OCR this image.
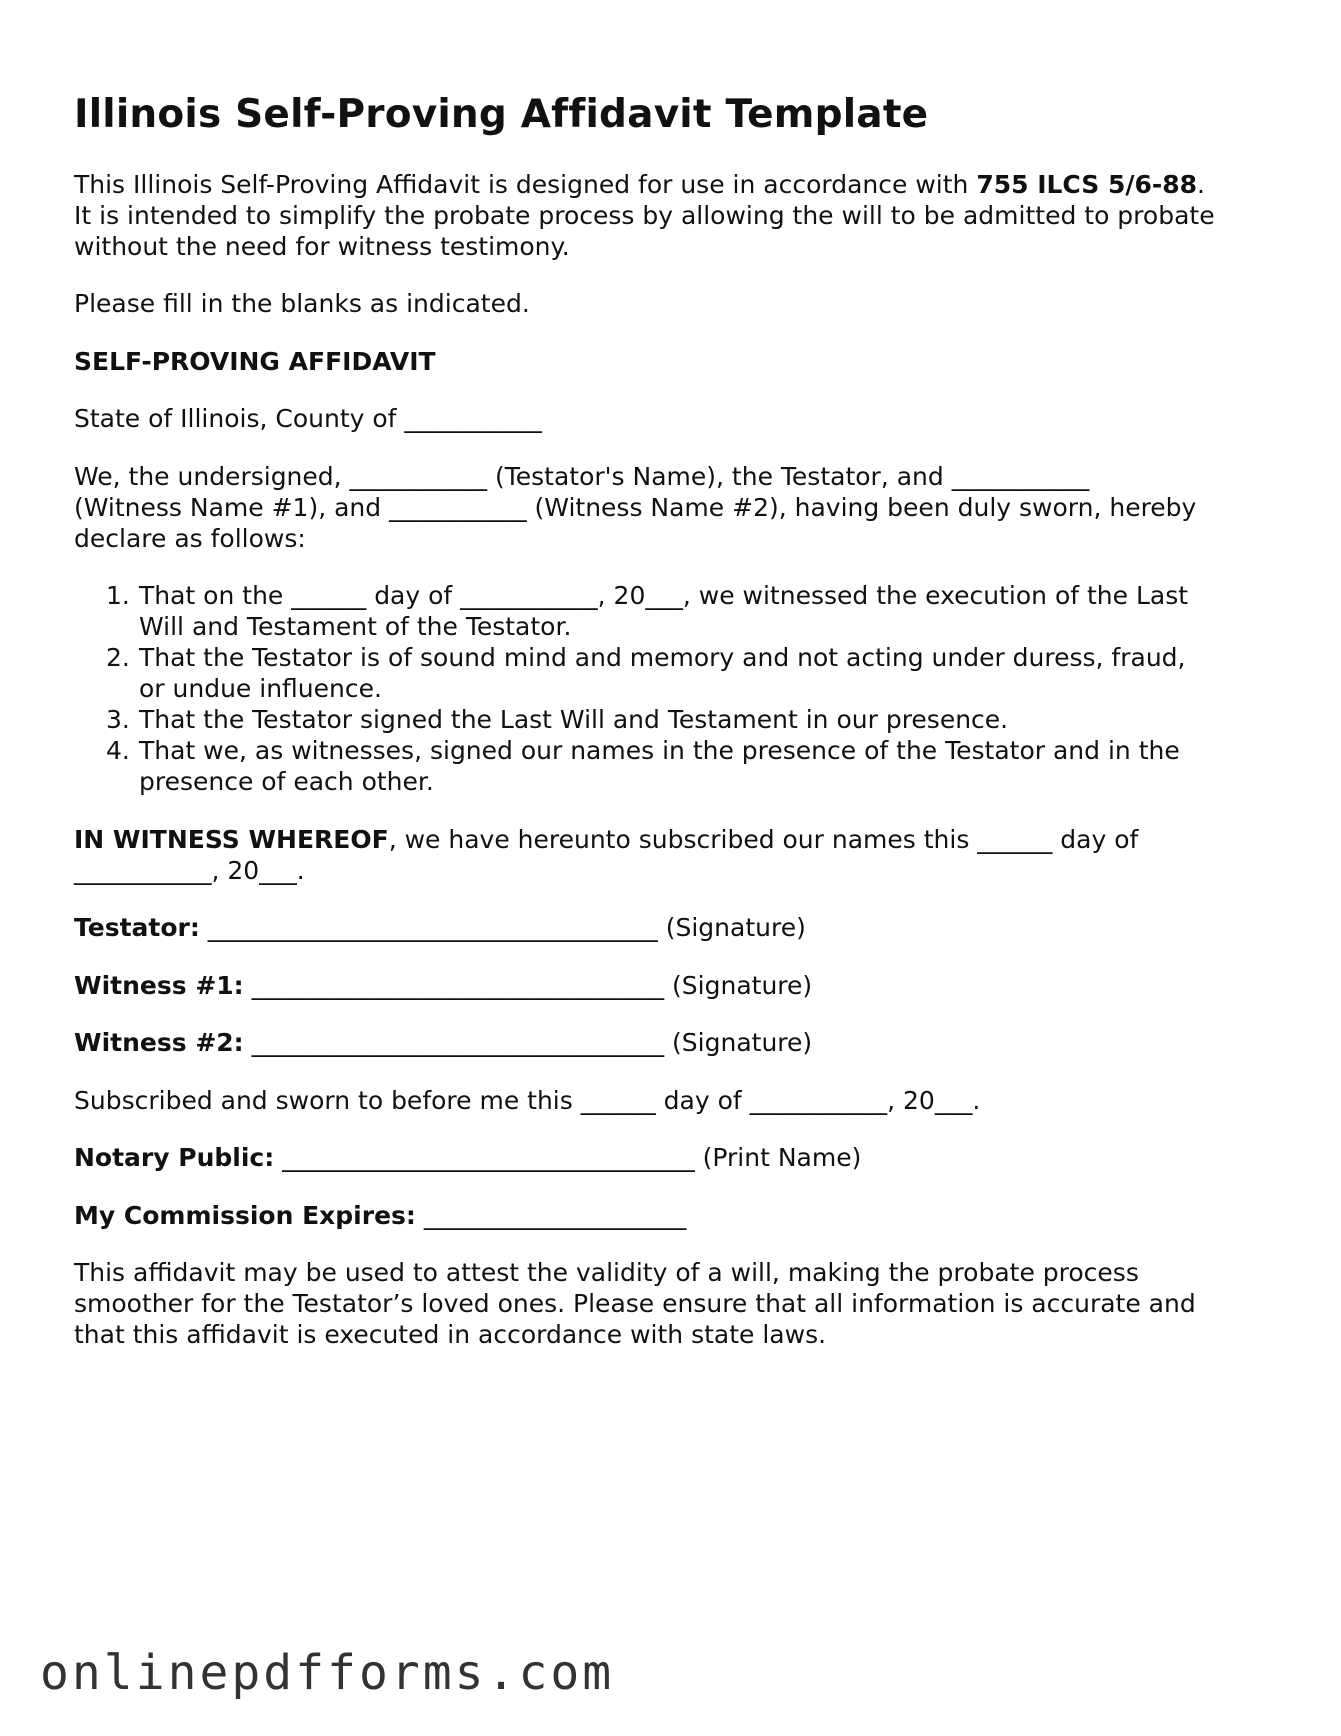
Illinois Self-Proving Affidavit Template
This Illinois Self-Proving Affidavit is designed for use in accordance with 755 ILCS 5/6-88.
It is intended to simplify the probate process by allowing the will to be admitted to probate
without the need for witness testimony.
Please fill in the blanks as indicated.
SELF-PROVING AFFIDAVIT
State of Illinois, County of ___________
We, the undersigned, ___________ (Testator's Name), the Testator, and ___________
(Witness Name #1), and ___________ (Witness Name #2), having been duly sworn, hereby
declare as follows:
1. That on the ______ day of ___________, 20___, we witnessed the execution of the Last
Will and Testament of the Testator.
2. That the Testator is of sound mind and memory and not acting under duress, fraud,
or undue influence.
3. That the Testator signed the Last Will and Testament in our presence.
4. That we, as witnesses, signed our names in the presence of the Testator and in the
presence of each other.
IN WITNESS WHEREOF, we have hereunto subscribed our names this ______ day of
___________, 20___.
Testator: ____________________________________ (Signature)
Witness #1: _________________________________ (Signature)
Witness #2: _________________________________ (Signature)
Subscribed and sworn to before me this ______ day of ___________, 20___.
Notary Public: _________________________________ (Print Name)
My Commission Expires: _____________________
This affidavit may be used to attest the validity of a will, making the probate process
smoother for the Testator’s loved ones. Please ensure that all information is accurate and
that this affidavit is executed in accordance with state laws.
onlinepdfforms.com
